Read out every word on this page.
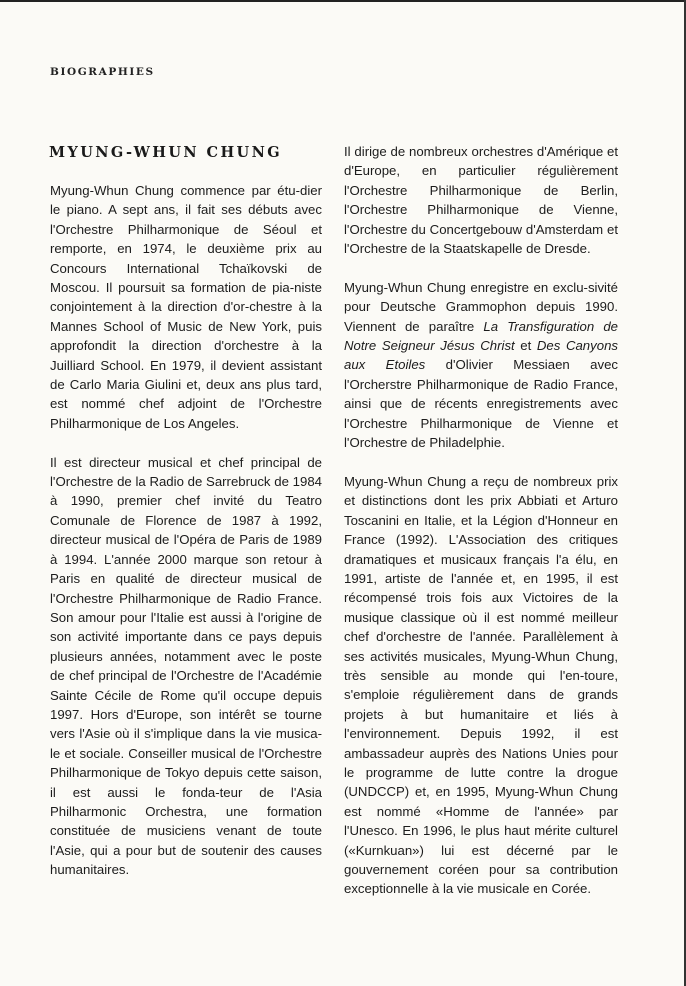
BIOGRAPHIES
MYUNG-WHUN CHUNG

Myung-Whun Chung commence par étu-dier le piano. A sept ans, il fait ses débuts avec l'Orchestre Philharmonique de Séoul et remporte, en 1974, le deuxième prix au Concours International Tchaïkovski de Moscou. Il poursuit sa formation de pia-niste conjointement à la direction d'or-chestre à la Mannes School of Music de New York, puis approfondit la direction d'orchestre à la Juilliard School. En 1979, il devient assistant de Carlo Maria Giulini et, deux ans plus tard, est nommé chef adjoint de l'Orchestre Philharmonique de Los Angeles.

Il est directeur musical et chef principal de l'Orchestre de la Radio de Sarrebruck de 1984 à 1990, premier chef invité du Teatro Comunale de Florence de 1987 à 1992, directeur musical de l'Opéra de Paris de 1989 à 1994. L'année 2000 marque son retour à Paris en qualité de directeur musical de l'Orchestre Philharmonique de Radio France. Son amour pour l'Italie est aussi à l'origine de son activité importante dans ce pays depuis plusieurs années, notamment avec le poste de chef principal de l'Orchestre de l'Académie Sainte Cécile de Rome qu'il occupe depuis 1997. Hors d'Europe, son intérêt se tourne vers l'Asie où il s'implique dans la vie musica-le et sociale. Conseiller musical de l'Orchestre Philharmonique de Tokyo depuis cette saison, il est aussi le fonda-teur de l'Asia Philharmonic Orchestra, une formation constituée de musiciens venant de toute l'Asie, qui a pour but de soutenir des causes humanitaires.

Il dirige de nombreux orchestres d'Amérique et d'Europe, en particulier régulièrement l'Orchestre Philharmonique de Berlin, l'Orchestre Philharmonique de Vienne, l'Orchestre du Concertgebouw d'Amsterdam et l'Orchestre de la Staatskapelle de Dresde.

Myung-Whun Chung enregistre en exclu-sivité pour Deutsche Grammophon depuis 1990. Viennent de paraître La Transfiguration de Notre Seigneur Jésus Christ et Des Canyons aux Etoiles d'Olivier Messiaen avec l'Orcherstre Philharmonique de Radio France, ainsi que de récents enregistrements avec l'Orchestre Philharmonique de Vienne et l'Orchestre de Philadelphie.

Myung-Whun Chung a reçu de nombreux prix et distinctions dont les prix Abbiati et Arturo Toscanini en Italie, et la Légion d'Honneur en France (1992). L'Association des critiques dramatiques et musicaux français l'a élu, en 1991, artiste de l'année et, en 1995, il est récompensé trois fois aux Victoires de la musique classique où il est nommé meilleur chef d'orchestre de l'année. Parallèlement à ses activités musicales, Myung-Whun Chung, très sensible au monde qui l'en-toure, s'emploie régulièrement dans de grands projets à but humanitaire et liés à l'environnement. Depuis 1992, il est ambassadeur auprès des Nations Unies pour le programme de lutte contre la drogue (UNDCCP) et, en 1995, Myung-Whun Chung est nommé «Homme de l'année» par l'Unesco. En 1996, le plus haut mérite culturel («Kurnkuan») lui est décerné par le gouvernement coréen pour sa contribution exceptionnelle à la vie musicale en Corée.
